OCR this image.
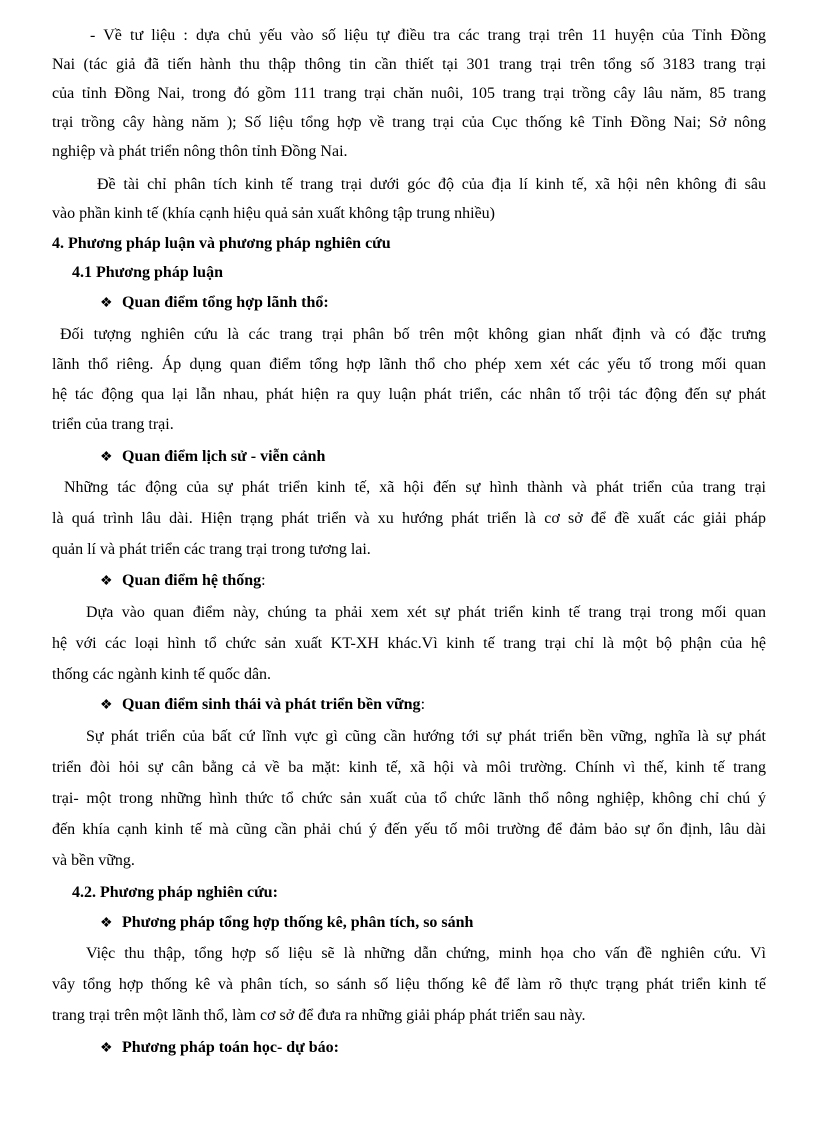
- Về tư liệu : dựa chủ yếu vào số liệu tự điều tra các trang trại trên 11 huyện của Tỉnh Đồng
Nai (tác giả đã tiến hành thu thập thông tin cần thiết tại 301 trang trại trên tổng số 3183 trang trại
của tỉnh Đồng Nai, trong đó gồm 111 trang trại chăn nuôi, 105 trang trại trồng cây lâu năm, 85 trang
trại trồng cây hàng năm ); Số liệu tổng hợp về trang trại của Cục thống kê Tỉnh Đồng Nai; Sở nông
nghiệp và phát triển nông thôn tỉnh Đồng Nai.
Đề tài chỉ phân tích kinh tế trang trại dưới góc độ của địa lí kinh tế, xã hội nên không đi sâu
vào phần kinh tế (khía cạnh hiệu quả sản xuất không tập trung nhiều)
4. Phương pháp luận và phương pháp nghiên cứu
4.1 Phương pháp luận
❖ Quan điểm tổng hợp lãnh thổ:
Đối tượng nghiên cứu là các trang trại phân bố trên một không gian nhất định và có đặc trưng
lãnh thổ riêng. Áp dụng quan điểm tổng hợp lãnh thổ cho phép xem xét các yếu tố trong mối quan
hệ tác động qua lại lẫn nhau, phát hiện ra quy luận phát triển, các nhân tố trội tác động đến sự phát
triển của trang trại.
❖ Quan điểm lịch sử - viễn cảnh
Những tác động của sự phát triển kinh tế, xã hội đến sự hình thành và phát triển của trang trại
là quá trình lâu dài. Hiện trạng phát triển và xu hướng phát triển là cơ sở để đề xuất các giải pháp
quản lí và phát triển các trang trại trong tương lai.
❖ Quan điểm hệ thống:
Dựa vào quan điểm này, chúng ta phải xem xét sự phát triển kinh tế trang trại trong mối quan
hệ với các loại hình tổ chức sản xuất KT-XH khác.Vì kinh tế trang trại chỉ là một bộ phận của hệ
thống các ngành kinh tế quốc dân.
❖ Quan điểm sinh thái và phát triển bền vững:
Sự phát triển của bất cứ lĩnh vực gì cũng cần hướng tới sự phát triển bền vững, nghĩa là sự phát
triển đòi hỏi sự cân bằng cả về ba mặt: kinh tế, xã hội và môi trường. Chính vì thế, kinh tế trang
trại- một trong những hình thức tổ chức sản xuất của tổ chức lãnh thổ nông nghiệp, không chỉ chú ý
đến khía cạnh kinh tế mà cũng cần phải chú ý đến yếu tố môi trường để đảm bảo sự ổn định, lâu dài
và bền vững.
4.2. Phương pháp nghiên cứu:
❖ Phương pháp tổng hợp thống kê, phân tích, so sánh
Việc thu thập, tổng hợp số liệu sẽ là những dẫn chứng, minh họa cho vấn đề nghiên cứu. Vì
vây tổng hợp thống kê và phân tích, so sánh số liệu thống kê để làm rõ thực trạng phát triển kinh tế
trang trại trên một lãnh thổ, làm cơ sở để đưa ra những giải pháp phát triển sau này.
❖ Phương pháp toán học- dự báo:
